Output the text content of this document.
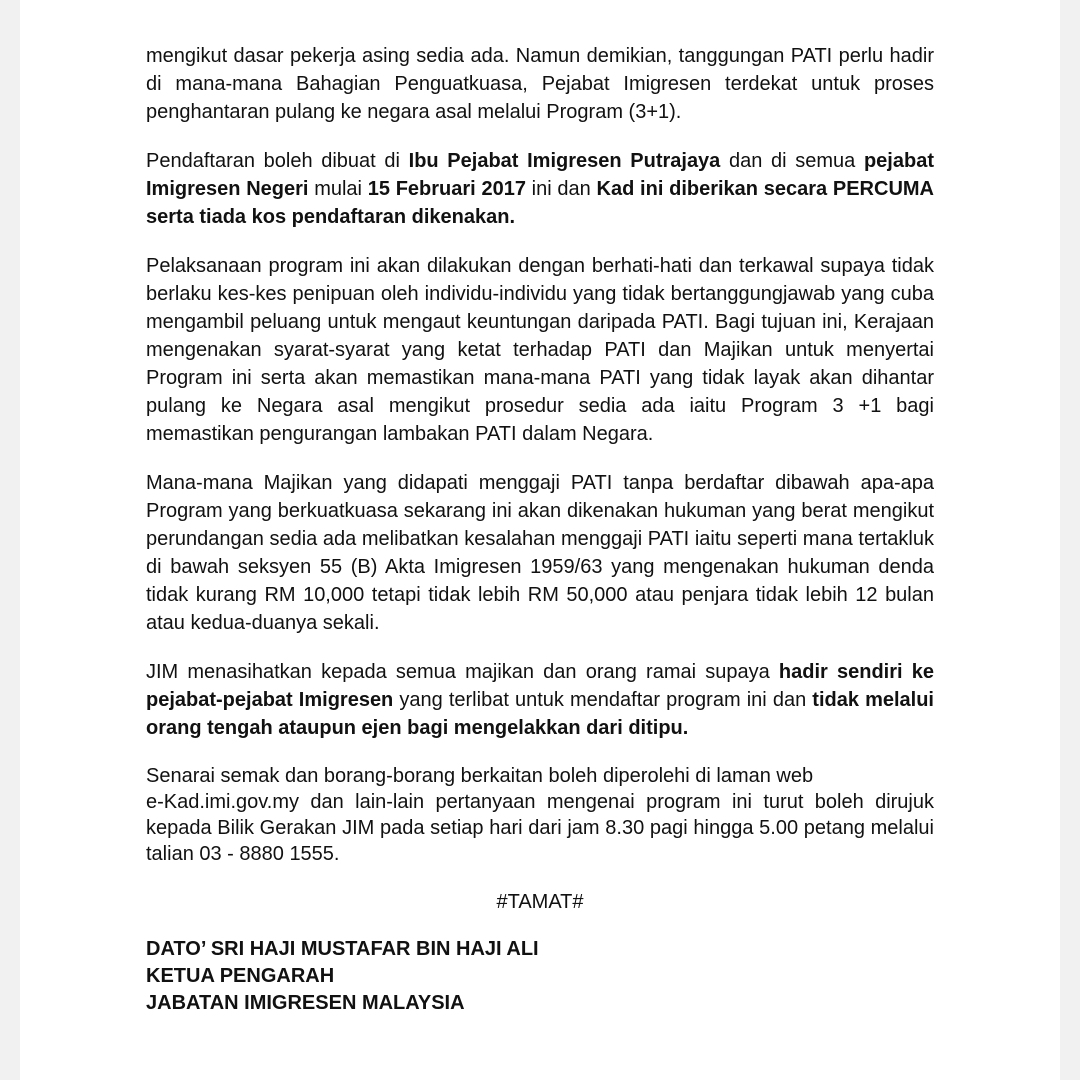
mengikut dasar pekerja asing sedia ada. Namun demikian, tanggungan PATI perlu hadir di mana-mana Bahagian Penguatkuasa, Pejabat Imigresen terdekat untuk proses penghantaran pulang ke negara asal melalui Program (3+1).

Pendaftaran boleh dibuat di Ibu Pejabat Imigresen Putrajaya dan di semua pejabat Imigresen Negeri mulai 15 Februari 2017 ini dan Kad ini diberikan secara PERCUMA serta tiada kos pendaftaran dikenakan.

Pelaksanaan program ini akan dilakukan dengan berhati-hati dan terkawal supaya tidak berlaku kes-kes penipuan oleh individu-individu yang tidak bertanggungjawab yang cuba mengambil peluang untuk mengaut keuntungan daripada PATI. Bagi tujuan ini, Kerajaan mengenakan syarat-syarat yang ketat terhadap PATI dan Majikan untuk menyertai Program ini serta akan memastikan mana-mana PATI yang tidak layak akan dihantar pulang ke Negara asal mengikut prosedur sedia ada iaitu Program 3 +1 bagi memastikan pengurangan lambakan PATI dalam Negara.

Mana-mana Majikan yang didapati menggaji PATI tanpa berdaftar dibawah apa-apa Program yang berkuatkuasa sekarang ini akan dikenakan hukuman yang berat mengikut perundangan sedia ada melibatkan kesalahan menggaji PATI iaitu seperti mana tertakluk di bawah seksyen 55 (B) Akta Imigresen 1959/63 yang mengenakan hukuman denda tidak kurang RM 10,000 tetapi tidak lebih RM 50,000 atau penjara tidak lebih 12 bulan atau kedua-duanya sekali.

JIM menasihatkan kepada semua majikan dan orang ramai supaya hadir sendiri ke pejabat-pejabat Imigresen yang terlibat untuk mendaftar program ini dan tidak melalui orang tengah ataupun ejen bagi mengelakkan dari ditipu.

Senarai semak dan borang-borang berkaitan boleh diperolehi di laman web
e-Kad.imi.gov.my dan lain-lain pertanyaan mengenai program ini turut boleh dirujuk kepada Bilik Gerakan JIM pada setiap hari dari jam 8.30 pagi hingga 5.00 petang melalui talian 03 - 8880 1555.

#TAMAT#

DATO’ SRI HAJI MUSTAFAR BIN HAJI ALI

KETUA PENGARAH

JABATAN IMIGRESEN MALAYSIA
